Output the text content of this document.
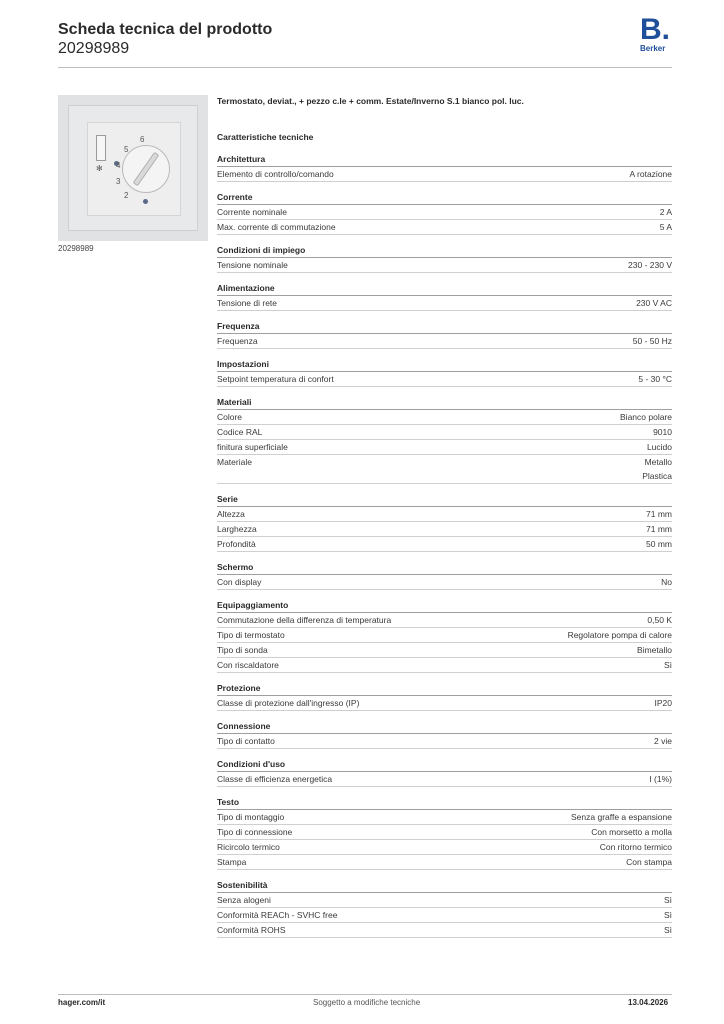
Scheda tecnica del prodotto
20298989
B.
Berker
✻
6
5
4
3
2
20298989
Termostato, deviat., + pezzo c.le + comm. Estate/Inverno S.1 bianco pol. luc.
Caratteristiche tecniche
Architettura
Elemento di controllo/comando	A rotazione
Corrente
Corrente nominale	2 A
Max. corrente di commutazione	5 A
Condizioni di impiego
Tensione nominale	230 - 230 V
Alimentazione
Tensione di rete	230 V AC
Frequenza
Frequenza	50 - 50 Hz
Impostazioni
Setpoint temperatura di confort	5 - 30 °C
Materiali
Colore	Bianco polare
Codice RAL	9010
finitura superficiale	Lucido
Materiale	Metallo
Plastica
Serie
Altezza	71 mm
Larghezza	71 mm
Profondità	50 mm
Schermo
Con display	No
Equipaggiamento
Commutazione della differenza di temperatura	0,50 K
Tipo di termostato	Regolatore pompa di calore
Tipo di sonda	Bimetallo
Con riscaldatore	Sì
Protezione
Classe di protezione dall'ingresso (IP)	IP20
Connessione
Tipo di contatto	2 vie
Condizioni d'uso
Classe di efficienza energetica	I (1%)
Testo
Tipo di montaggio	Senza graffe a espansione
Tipo di connessione	Con morsetto a molla
Ricircolo termico	Con ritorno termico
Stampa	Con stampa
Sostenibilità
Senza alogeni	Sì
Conformità REACh - SVHC free	Sì
Conformità ROHS	Sì
hager.com/it	Soggetto a modifiche tecniche	13.04.2026
